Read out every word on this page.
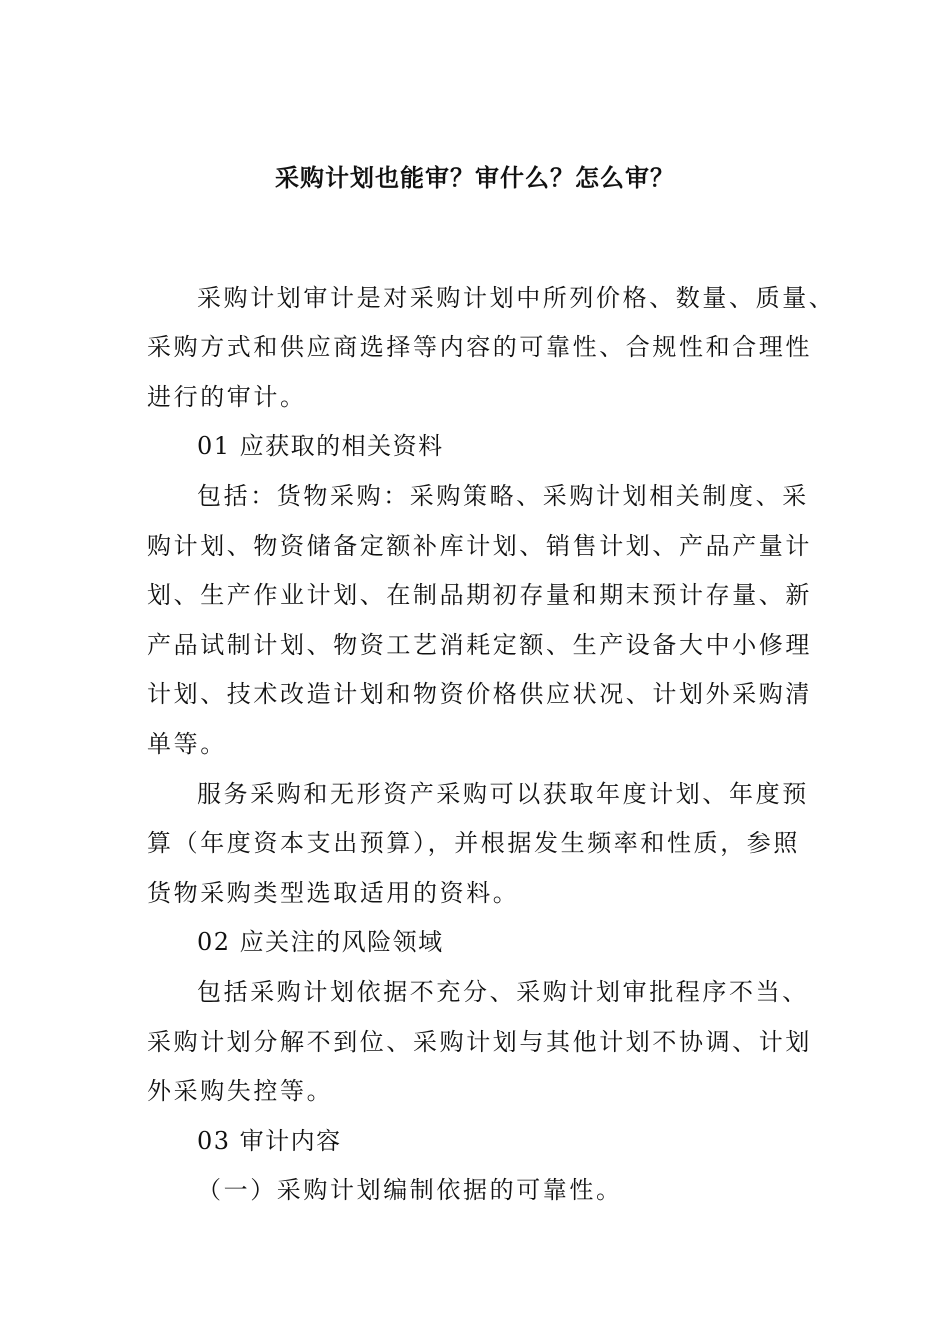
采购计划也能审？审什么？怎么审？
采购计划审计是对采购计划中所列价格、数量、质量、
采购方式和供应商选择等内容的可靠性、合规性和合理性
进行的审计。
01 应获取的相关资料
包括：货物采购：采购策略、采购计划相关制度、采
购计划、物资储备定额补库计划、销售计划、产品产量计
划、生产作业计划、在制品期初存量和期末预计存量、新
产品试制计划、物资工艺消耗定额、生产设备大中小修理
计划、技术改造计划和物资价格供应状况、计划外采购清
单等。
服务采购和无形资产采购可以获取年度计划、年度预
算（年度资本支出预算），并根据发生频率和性质，参照
货物采购类型选取适用的资料。
02 应关注的风险领域
包括采购计划依据不充分、采购计划审批程序不当、
采购计划分解不到位、采购计划与其他计划不协调、计划
外采购失控等。
03 审计内容
（一）采购计划编制依据的可靠性。
